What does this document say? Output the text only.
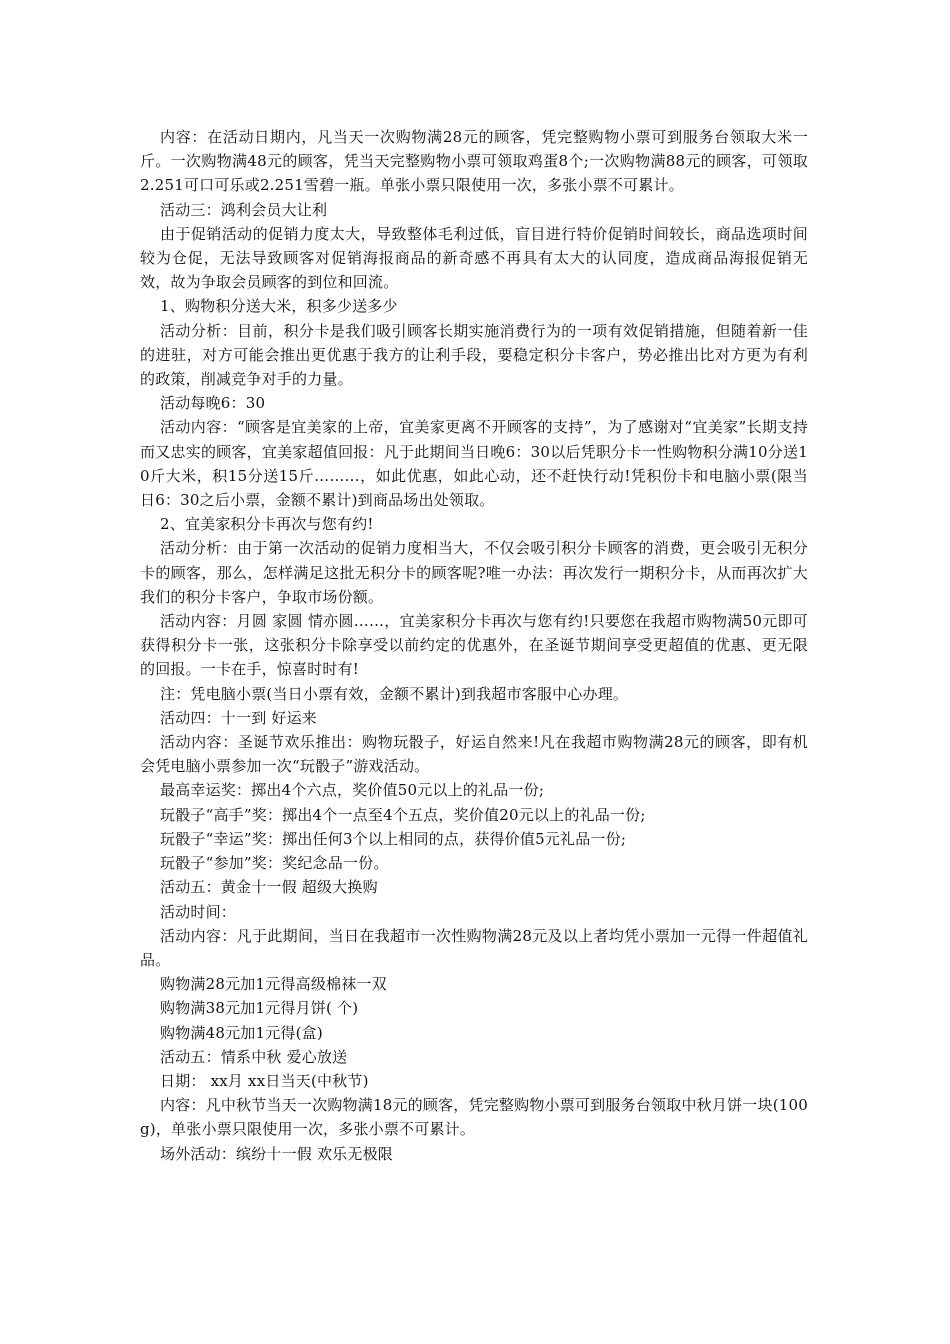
内容：在活动日期内，凡当天一次购物满28元的顾客，凭完整购物小票可到服务台领取大米一斤。一次购物满48元的顾客，凭当天完整购物小票可领取鸡蛋8个;一次购物满88元的顾客，可领取2.251可口可乐或2.251雪碧一瓶。单张小票只限使用一次，多张小票不可累计。

活动三：鸿利会员大让利

由于促销活动的促销力度太大，导致整体毛利过低，盲目进行特价促销时间较长，商品选项时间较为仓促，无法导致顾客对促销海报商品的新奇感不再具有太大的认同度，造成商品海报促销无效，故为争取会员顾客的到位和回流。

1、购物积分送大米，积多少送多少

活动分析：目前，积分卡是我们吸引顾客长期实施消费行为的一项有效促销措施，但随着新一佳的进驻，对方可能会推出更优惠于我方的让利手段，要稳定积分卡客户，势必推出比对方更为有利的政策，削减竞争对手的力量。

活动每晚6：30

活动内容：“顾客是宜美家的上帝，宜美家更离不开顾客的支持”，为了感谢对“宜美家”长期支持而又忠实的顾客，宜美家超值回报：凡于此期间当日晚6：30以后凭职分卡一性购物积分满10分送10斤大米，积15分送15斤………，如此优惠，如此心动，还不赶快行动!凭积份卡和电脑小票(限当日6：30之后小票，金额不累计)到商品场出处领取。

2、宜美家积分卡再次与您有约!

活动分析：由于第一次活动的促销力度相当大，不仅会吸引积分卡顾客的消费，更会吸引无积分卡的顾客，那么，怎样满足这批无积分卡的顾客呢?唯一办法：再次发行一期积分卡，从而再次扩大我们的积分卡客户，争取市场份额。

活动内容：月圆 家圆 情亦圆……，宜美家积分卡再次与您有约!只要您在我超市购物满50元即可获得积分卡一张，这张积分卡除享受以前约定的优惠外，在圣诞节期间享受更超值的优惠、更无限的回报。一卡在手，惊喜时时有!

注：凭电脑小票(当日小票有效，金额不累计)到我超市客服中心办理。

活动四：十一到 好运来

活动内容：圣诞节欢乐推出：购物玩骰子，好运自然来!凡在我超市购物满28元的顾客，即有机会凭电脑小票参加一次“玩骰子”游戏活动。

最高幸运奖：掷出4个六点，奖价值50元以上的礼品一份;

玩骰子“高手”奖：掷出4个一点至4个五点，奖价值20元以上的礼品一份;

玩骰子“幸运”奖：掷出任何3个以上相同的点，获得价值5元礼品一份;

玩骰子“参加”奖：奖纪念品一份。

活动五：黄金十一假 超级大换购

活动时间：

活动内容：凡于此期间，当日在我超市一次性购物满28元及以上者均凭小票加一元得一件超值礼品。

购物满28元加1元得高级棉袜一双

购物满38元加1元得月饼( 个)

购物满48元加1元得(盒)

活动五：情系中秋 爱心放送

日期： xx月 xx日当天(中秋节)

内容：凡中秋节当天一次购物满18元的顾客，凭完整购物小票可到服务台领取中秋月饼一块(100g)，单张小票只限使用一次，多张小票不可累计。

场外活动：缤纷十一假 欢乐无极限
